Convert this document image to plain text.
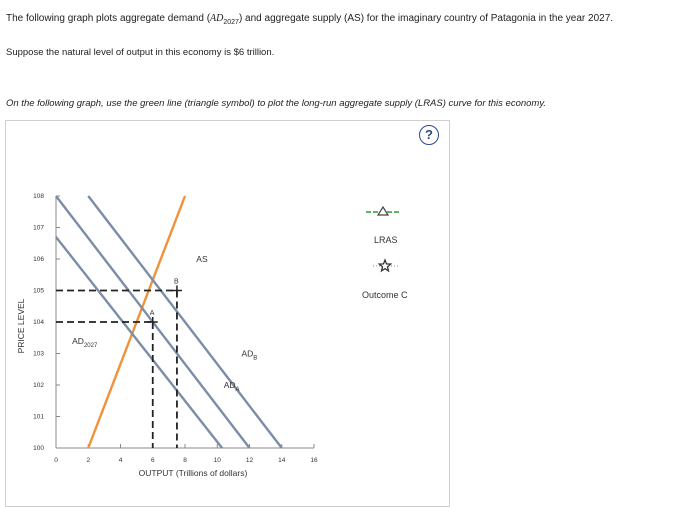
The following graph plots aggregate demand $(AD_{2027})$ and aggregate supply (AS) for the imaginary country of Patagonia in the year 2027.
Suppose the natural level of output in this economy is $6 trillion.
On the following graph, use the green line (triangle symbol) to plot the long-run aggregate supply (LRAS) curve for this economy.
?
100
101
102
103
104
105
106
107
108
0	2	4	6	8	10	12	14	16
OUTPUT (Trillions of dollars)
PRICE LEVEL	A
B
AS
$AD_{2027}$
$AD_B$
$AD_A$
LRAS
Outcome C
